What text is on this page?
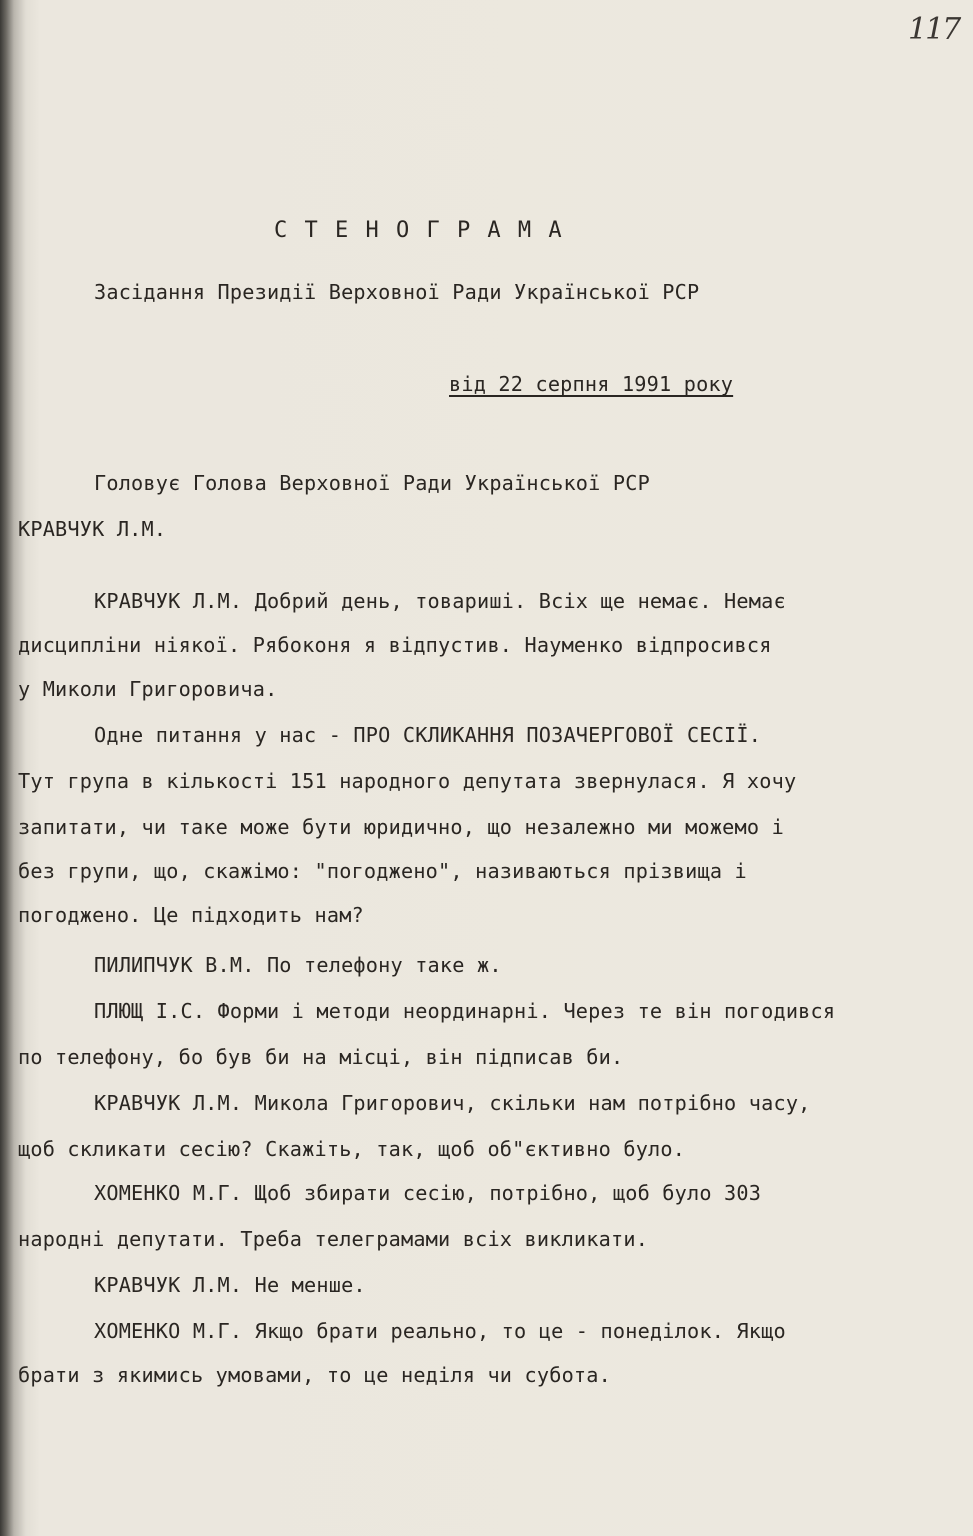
117
С Т Е Н О Г Р А М А
Засідання Президії Верховної Ради Української РСР
від 22 серпня 1991 року
Головує Голова Верховної Ради Української РСР
КРАВЧУК Л.М.
КРАВЧУК Л.М. Добрий день, товариші. Всіх ще немає. Немає
дисципліни ніякої. Рябоконя я відпустив. Науменко відпросився
у Миколи Григоровича.
Одне питання у нас - ПРО СКЛИКАННЯ ПОЗАЧЕРГОВОЇ СЕСІЇ.
Тут група в кількості 151 народного депутата звернулася. Я хочу
запитати, чи таке може бути юридично, що незалежно ми можемо і
без групи, що, скажімо: "погоджено", називаються прізвища і
погоджено. Це підходить нам?
ПИЛИПЧУК В.М. По телефону таке ж.
ПЛЮЩ І.С. Форми і методи неординарні. Через те він погодився
по телефону, бо був би на місці, він підписав би.
КРАВЧУК Л.М. Микола Григорович, скільки нам потрібно часу,
щоб скликати сесію? Скажіть, так, щоб об"єктивно було.
ХОМЕНКО М.Г. Щоб збирати сесію, потрібно, щоб було 303
народні депутати. Треба телеграмами всіх викликати.
КРАВЧУК Л.М. Не менше.
ХОМЕНКО М.Г. Якщо брати реально, то це - понеділок. Якщо
брати з якимись умовами, то це неділя чи субота.
